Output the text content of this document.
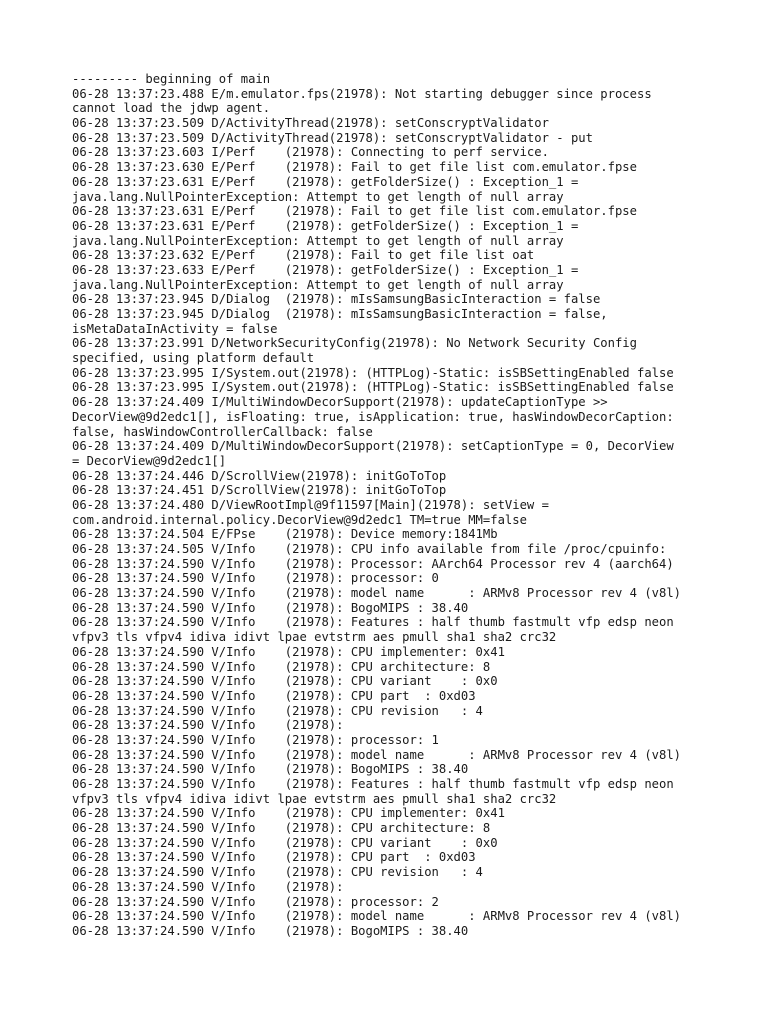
--------- beginning of main
06-28 13:37:23.488 E/m.emulator.fps(21978): Not starting debugger since process
cannot load the jdwp agent.
06-28 13:37:23.509 D/ActivityThread(21978): setConscryptValidator
06-28 13:37:23.509 D/ActivityThread(21978): setConscryptValidator - put
06-28 13:37:23.603 I/Perf    (21978): Connecting to perf service.
06-28 13:37:23.630 E/Perf    (21978): Fail to get file list com.emulator.fpse
06-28 13:37:23.631 E/Perf    (21978): getFolderSize() : Exception_1 =
java.lang.NullPointerException: Attempt to get length of null array
06-28 13:37:23.631 E/Perf    (21978): Fail to get file list com.emulator.fpse
06-28 13:37:23.631 E/Perf    (21978): getFolderSize() : Exception_1 =
java.lang.NullPointerException: Attempt to get length of null array
06-28 13:37:23.632 E/Perf    (21978): Fail to get file list oat
06-28 13:37:23.633 E/Perf    (21978): getFolderSize() : Exception_1 =
java.lang.NullPointerException: Attempt to get length of null array
06-28 13:37:23.945 D/Dialog  (21978): mIsSamsungBasicInteraction = false
06-28 13:37:23.945 D/Dialog  (21978): mIsSamsungBasicInteraction = false,
isMetaDataInActivity = false
06-28 13:37:23.991 D/NetworkSecurityConfig(21978): No Network Security Config
specified, using platform default
06-28 13:37:23.995 I/System.out(21978): (HTTPLog)-Static: isSBSettingEnabled false
06-28 13:37:23.995 I/System.out(21978): (HTTPLog)-Static: isSBSettingEnabled false
06-28 13:37:24.409 I/MultiWindowDecorSupport(21978): updateCaptionType >>
DecorView@9d2edc1[], isFloating: true, isApplication: true, hasWindowDecorCaption:
false, hasWindowControllerCallback: false
06-28 13:37:24.409 D/MultiWindowDecorSupport(21978): setCaptionType = 0, DecorView
= DecorView@9d2edc1[]
06-28 13:37:24.446 D/ScrollView(21978): initGoToTop
06-28 13:37:24.451 D/ScrollView(21978): initGoToTop
06-28 13:37:24.480 D/ViewRootImpl@9f11597[Main](21978): setView =
com.android.internal.policy.DecorView@9d2edc1 TM=true MM=false
06-28 13:37:24.504 E/FPse    (21978): Device memory:1841Mb
06-28 13:37:24.505 V/Info    (21978): CPU info available from file /proc/cpuinfo:
06-28 13:37:24.590 V/Info    (21978): Processor: AArch64 Processor rev 4 (aarch64)
06-28 13:37:24.590 V/Info    (21978): processor: 0
06-28 13:37:24.590 V/Info    (21978): model name      : ARMv8 Processor rev 4 (v8l)
06-28 13:37:24.590 V/Info    (21978): BogoMIPS : 38.40
06-28 13:37:24.590 V/Info    (21978): Features : half thumb fastmult vfp edsp neon
vfpv3 tls vfpv4 idiva idivt lpae evtstrm aes pmull sha1 sha2 crc32
06-28 13:37:24.590 V/Info    (21978): CPU implementer: 0x41
06-28 13:37:24.590 V/Info    (21978): CPU architecture: 8
06-28 13:37:24.590 V/Info    (21978): CPU variant    : 0x0
06-28 13:37:24.590 V/Info    (21978): CPU part  : 0xd03
06-28 13:37:24.590 V/Info    (21978): CPU revision   : 4
06-28 13:37:24.590 V/Info    (21978):
06-28 13:37:24.590 V/Info    (21978): processor: 1
06-28 13:37:24.590 V/Info    (21978): model name      : ARMv8 Processor rev 4 (v8l)
06-28 13:37:24.590 V/Info    (21978): BogoMIPS : 38.40
06-28 13:37:24.590 V/Info    (21978): Features : half thumb fastmult vfp edsp neon
vfpv3 tls vfpv4 idiva idivt lpae evtstrm aes pmull sha1 sha2 crc32
06-28 13:37:24.590 V/Info    (21978): CPU implementer: 0x41
06-28 13:37:24.590 V/Info    (21978): CPU architecture: 8
06-28 13:37:24.590 V/Info    (21978): CPU variant    : 0x0
06-28 13:37:24.590 V/Info    (21978): CPU part  : 0xd03
06-28 13:37:24.590 V/Info    (21978): CPU revision   : 4
06-28 13:37:24.590 V/Info    (21978):
06-28 13:37:24.590 V/Info    (21978): processor: 2
06-28 13:37:24.590 V/Info    (21978): model name      : ARMv8 Processor rev 4 (v8l)
06-28 13:37:24.590 V/Info    (21978): BogoMIPS : 38.40
